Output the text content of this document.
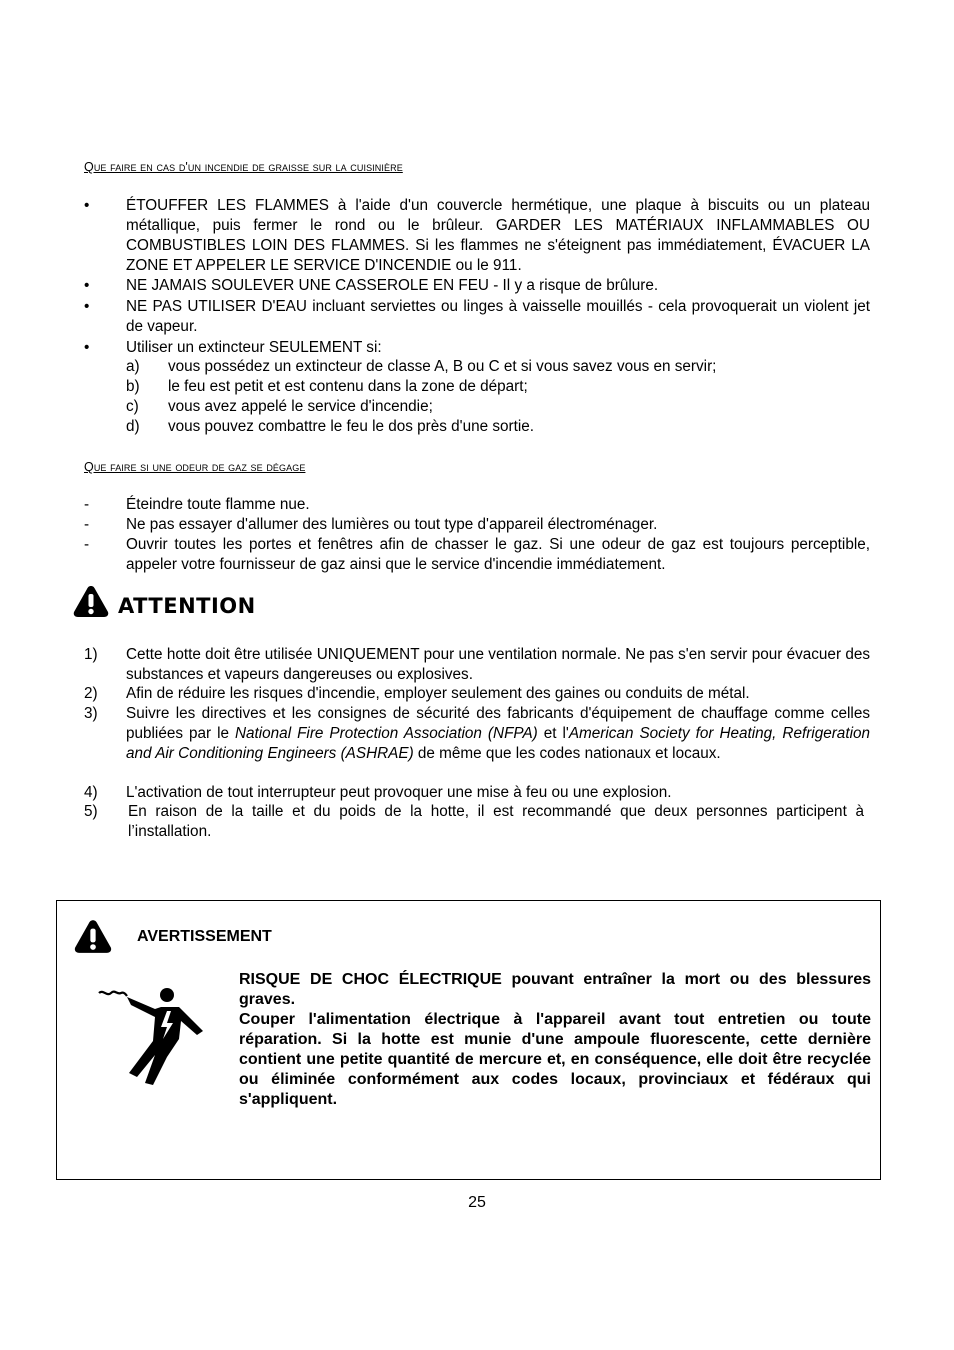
Que faire en cas d'un incendie de graisse sur la cuisinière
• ÉTOUFFER LES FLAMMES à l'aide d'un couvercle hermétique, une plaque à biscuits ou un plateau métallique, puis fermer le rond ou le brûleur. GARDER LES MATÉRIAUX INFLAMMABLES OU COMBUSTIBLES LOIN DES FLAMMES. Si les flammes ne s'éteignent pas immédiatement, ÉVACUER LA ZONE ET APPELER LE SERVICE D'INCENDIE ou le 911.
• NE JAMAIS SOULEVER UNE CASSEROLE EN FEU - Il y a risque de brûlure.
• NE PAS UTILISER D'EAU incluant serviettes ou linges à vaisselle mouillés - cela provoquerait un violent jet de vapeur.
• Utiliser un extincteur SEULEMENT si:
a) vous possédez un extincteur de classe A, B ou C et si vous savez vous en servir;
b) le feu est petit et est contenu dans la zone de départ;
c) vous avez appelé le service d'incendie;
d) vous pouvez combattre le feu le dos près d'une sortie.
Que faire si une odeur de gaz se dégage
- Éteindre toute flamme nue.
- Ne pas essayer d'allumer des lumières ou tout type d'appareil électroménager.
- Ouvrir toutes les portes et fenêtres afin de chasser le gaz. Si une odeur de gaz est toujours perceptible, appeler votre fournisseur de gaz ainsi que le service d'incendie immédiatement.
ATTENTION
1) Cette hotte doit être utilisée UNIQUEMENT pour une ventilation normale. Ne pas s'en servir pour évacuer des substances et vapeurs dangereuses ou explosives.
2) Afin de réduire les risques d'incendie, employer seulement des gaines ou conduits de métal.
3) Suivre les directives et les consignes de sécurité des fabricants d'équipement de chauffage comme celles publiées par le National Fire Protection Association (NFPA) et l'American Society for Heating, Refrigeration and Air Conditioning Engineers (ASHRAE) de même que les codes nationaux et locaux.
4) L'activation de tout interrupteur peut provoquer une mise à feu ou une explosion.
5) En raison de la taille et du poids de la hotte, il est recommandé que deux personnes participent à l’installation.
AVERTISSEMENT
RISQUE DE CHOC ÉLECTRIQUE pouvant entraîner la mort ou des blessures graves.
Couper l'alimentation électrique à l'appareil avant tout entretien ou toute réparation. Si la hotte est munie d'une ampoule fluorescente, cette dernière contient une petite quantité de mercure et, en conséquence, elle doit être recyclée ou éliminée conformément aux codes locaux, provinciaux et fédéraux qui s'appliquent.
25
